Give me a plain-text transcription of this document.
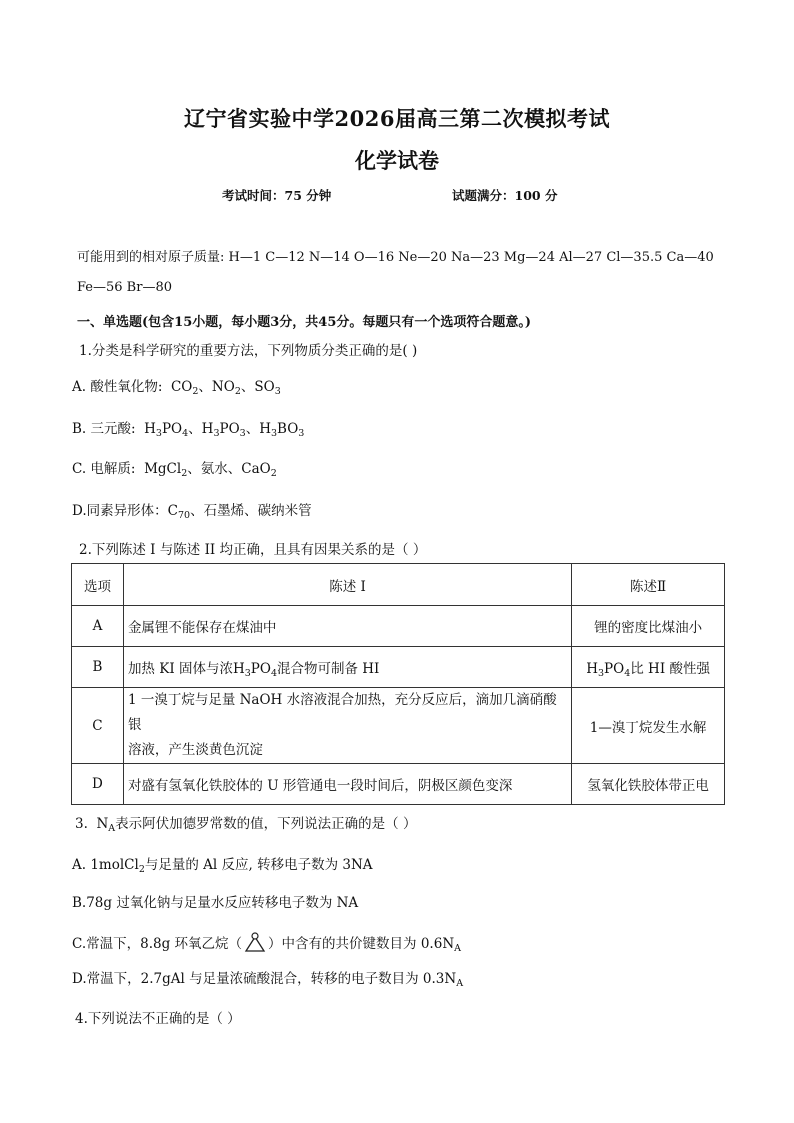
辽宁省实验中学2026届高三第二次模拟考试
化学试卷
考试时间：75 分钟	试题满分：100 分
可能用到的相对原子质量: H—1 C—12 N—14 O—16 Ne—20 Na—23 Mg—24 Al—27 Cl—35.5 Ca—40
Fe—56 Br—80
一、单选题(包含15小题，每小题3分，共45分。每题只有一个选项符合题意。)
1.分类是科学研究的重要方法，下列物质分类正确的是( )
A. 酸性氧化物:  $CO_2$、$NO_2$、$SO_3$
B. 三元酸:  $H_3PO_4$、$H_3PO_3$、$H_3BO_3$
C. 电解质:  MgCl$_2$、氨水、CaO$_2$
D.同素异形体：$C_{70}$、石墨烯、碳纳米管
2.下列陈述 I 与陈述 II 均正确，且具有因果关系的是（ ）
选项	陈述 I	陈述Ⅱ
A	金属锂不能保存在煤油中	锂的密度比煤油小
B	加热 KI 固体与浓$H_3PO_4$混合物可制备 HI	$H_3PO_4$比 HI 酸性强
C	1 一溴丁烷与足量 NaOH 水溶液混合加热，充分反应后，滴加几滴硝酸银
溶液，产生淡黄色沉淀	1—溴丁烷发生水解
D	对盛有氢氧化铁胶体的 U 形管通电一段时间后，阴极区颜色变深	氢氧化铁胶体带正电
3.  $N_A$表示阿伏加德罗常数的值，下列说法正确的是（ ）
A. 1molCl$_2$与足量的 Al 反应, 转移电子数为 3NA
B.78g 过氧化钠与足量水反应转移电子数为 NA
C.常温下，8.8g 环氧乙烷（ ）中含有的共价键数目为 $0.6N_A$
D.常温下，2.7gAl 与足量浓硫酸混合，转移的电子数目为 $0.3N_A$
4.下列说法不正确的是（ ）
